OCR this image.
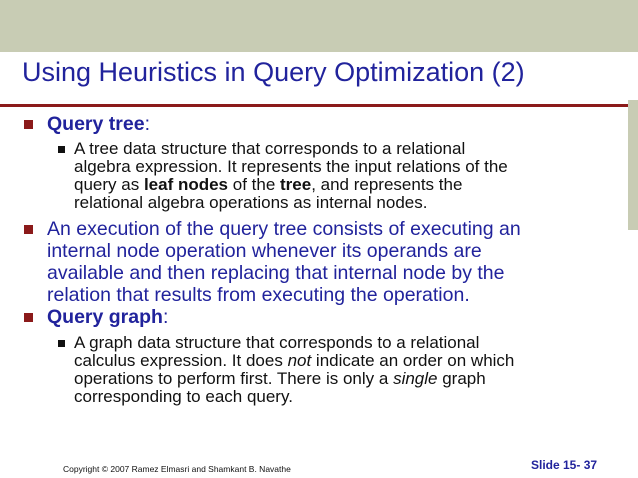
Using Heuristics in Query Optimization (2)
Query tree:
A tree data structure that corresponds to a relational
algebra expression. It represents the input relations of the
query as leaf nodes of the tree, and represents the
relational algebra operations as internal nodes.
An execution of the query tree consists of executing an
internal node operation whenever its operands are
available and then replacing that internal node by the
relation that results from executing the operation.
Query graph:
A graph data structure that corresponds to a relational
calculus expression. It does not indicate an order on which
operations to perform first. There is only a single graph
corresponding to each query.
Copyright © 2007 Ramez Elmasri and Shamkant B. Navathe	Slide 15- 37
